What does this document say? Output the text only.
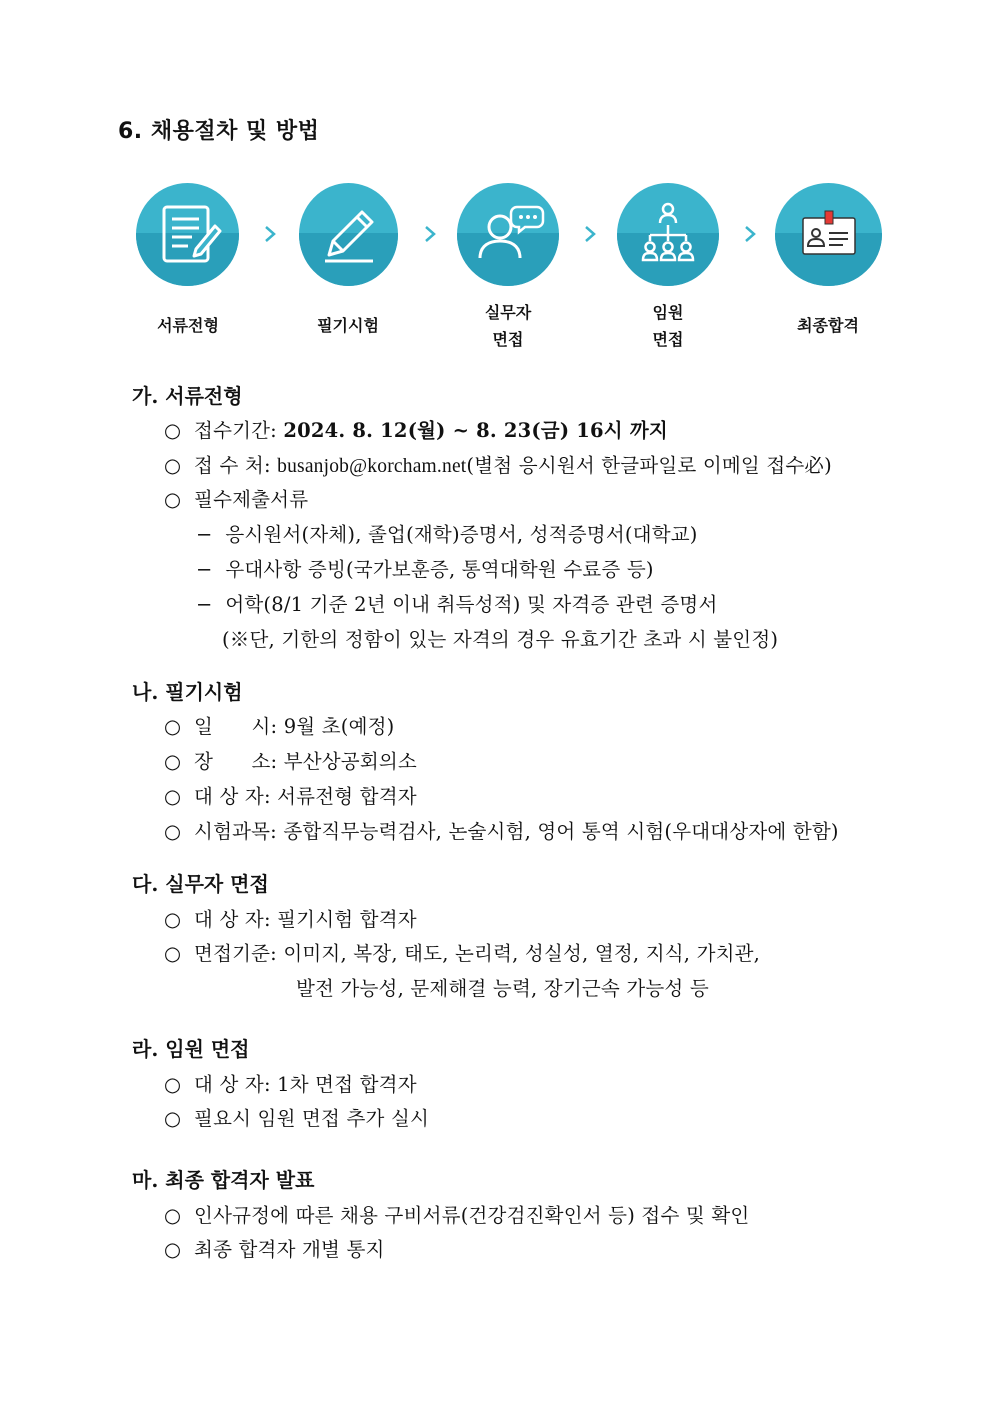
6. 채용절차 및 방법
서류전형	필기시험
실무자
면접
임원
면접
최종합격
가. 서류전형
○ 접수기간: 2024. 8. 12(월) ~ 8. 23(금) 16시 까지
○ 접 수 처: busanjob@korcham.net(별첨 응시원서 한글파일로 이메일 접수必)
○ 필수제출서류
− 응시원서(자체), 졸업(재학)증명서, 성적증명서(대학교)
− 우대사항 증빙(국가보훈증, 통역대학원 수료증 등)
− 어학(8/1 기준 2년 이내 취득성적) 및 자격증 관련 증명서
(※단, 기한의 정함이 있는 자격의 경우 유효기간 초과 시 불인정)
나. 필기시험
○ 일      시: 9월 초(예정)
○ 장      소: 부산상공회의소
○ 대 상 자: 서류전형 합격자
○ 시험과목: 종합직무능력검사, 논술시험, 영어 통역 시험(우대대상자에 한함)
다. 실무자 면접
○ 대 상 자: 필기시험 합격자
○ 면접기준: 이미지, 복장, 태도, 논리력, 성실성, 열정, 지식, 가치관,
발전 가능성, 문제해결 능력, 장기근속 가능성 등
라. 임원 면접
○ 대 상 자: 1차 면접 합격자
○ 필요시 임원 면접 추가 실시
마. 최종 합격자 발표
○ 인사규정에 따른 채용 구비서류(건강검진확인서 등) 접수 및 확인
○ 최종 합격자 개별 통지
